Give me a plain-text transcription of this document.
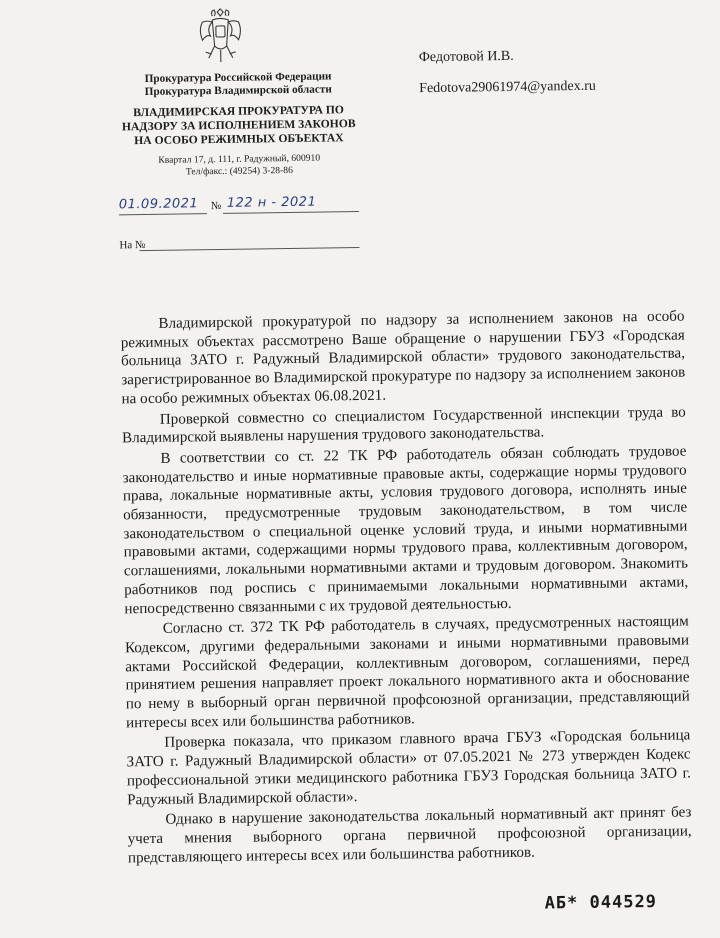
Прокуратура Российской Федерации
Прокуратура Владимирской области
ВЛАДИМИРСКАЯ ПРОКУРАТУРА ПО
НАДЗОРУ ЗА ИСПОЛНЕНИЕМ ЗАКОНОВ
НА ОСОБО РЕЖИМНЫХ ОБЪЕКТАХ
Квартал 17, д. 111, г. Радужный, 600910
Тел/факс.: (49254) 3-28-86
Федотовой И.В.
Fedotova29061974@yandex.ru
01.09.2021 № 122 н - 2021
На №

Владимирской прокуратурой по надзору за исполнением законов на особо режимных объектах рассмотрено Ваше обращение о нарушении ГБУЗ «Городская больница ЗАТО г. Радужный Владимирской области» трудового законодательства, зарегистрированное во Владимирской прокуратуре по надзору за исполнением законов на особо режимных объектах 06.08.2021.

Проверкой совместно со специалистом Государственной инспекции труда во Владимирской выявлены нарушения трудового законодательства.

В соответствии со ст. 22 ТК РФ работодатель обязан соблюдать трудовое законодательство и иные нормативные правовые акты, содержащие нормы трудового права, локальные нормативные акты, условия трудового договора, исполнять иные обязанности, предусмотренные трудовым законодательством, в том числе законодательством о специальной оценке условий труда, и иными нормативными правовыми актами, содержащими нормы трудового права, коллективным договором, соглашениями, локальными нормативными актами и трудовым договором. Знакомить работников под роспись с принимаемыми локальными нормативными актами, непосредственно связанными с их трудовой деятельностью.

Согласно ст. 372 ТК РФ работодатель в случаях, предусмотренных настоящим Кодексом, другими федеральными законами и иными нормативными правовыми актами Российской Федерации, коллективным договором, соглашениями, перед принятием решения направляет проект локального нормативного акта и обоснование по нему в выборный орган первичной профсоюзной организации, представляющий интересы всех или большинства работников.

Проверка показала, что приказом главного врача ГБУЗ «Городская больница ЗАТО г. Радужный Владимирской области» от 07.05.2021 № 273 утвержден Кодекс профессиональной этики медицинского работника ГБУЗ Городская больница ЗАТО г. Радужный Владимирской области».

Однако в нарушение законодательства локальный нормативный акт принят без учета мнения выборного органа первичной профсоюзной организации, представляющего интересы всех или большинства работников.

АБ* 044529
